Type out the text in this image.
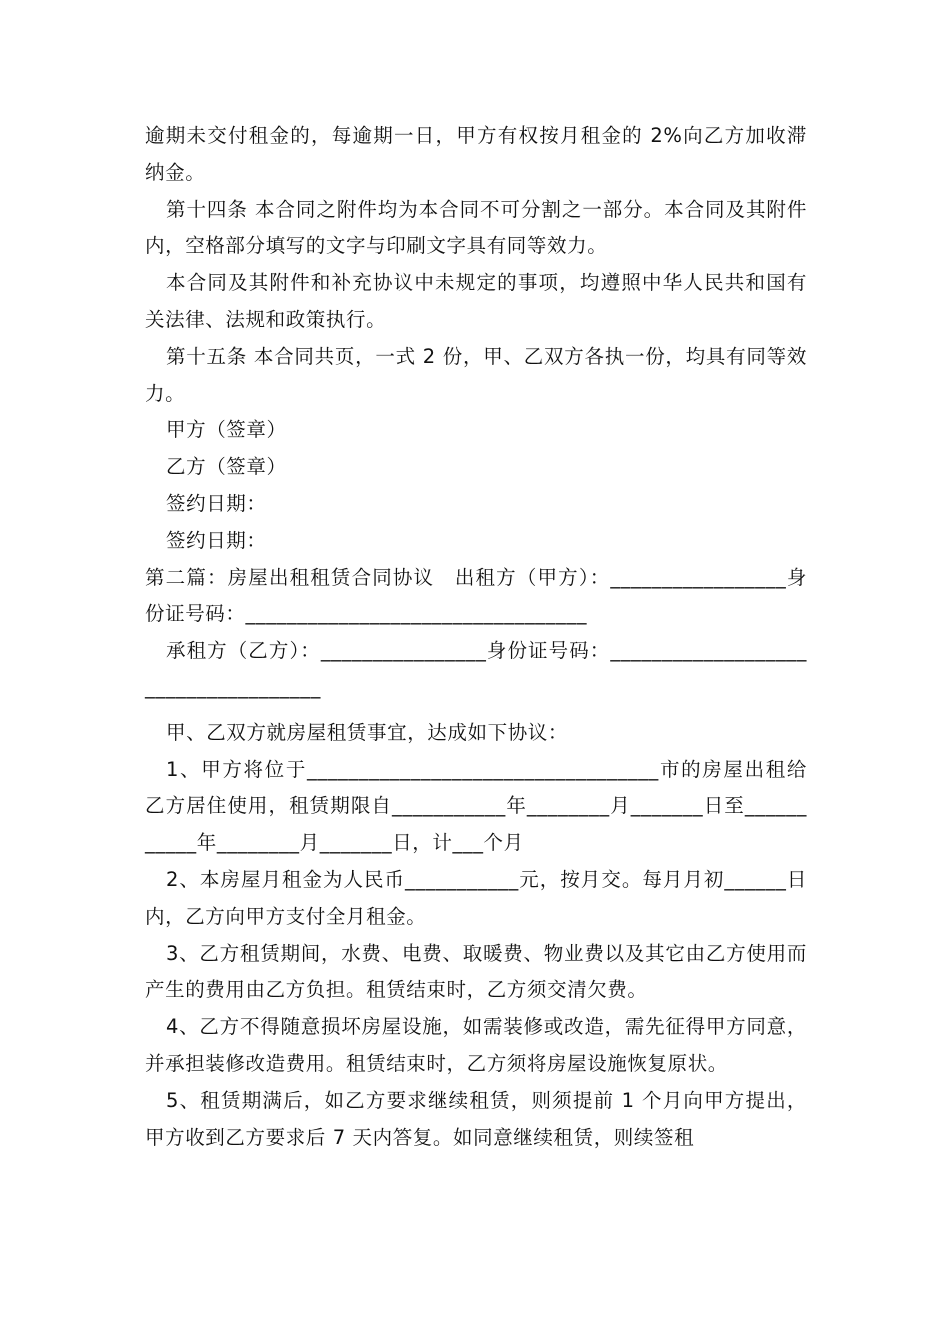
逾期未交付租金的，每逾期一日，甲方有权按月租金的 2%向乙方加收滞纳金。

第十四条 本合同之附件均为本合同不可分割之一部分。本合同及其附件内，空格部分填写的文字与印刷文字具有同等效力。

本合同及其附件和补充协议中未规定的事项，均遵照中华人民共和国有关法律、法规和政策执行。

第十五条 本合同共页，一式 2 份，甲、乙双方各执一份，均具有同等效力。

甲方（签章）

乙方（签章）

签约日期：

签约日期：

第二篇：房屋出租租赁合同协议　出租方（甲方）：_________________身份证号码：_________________________________

承租方（乙方）：________________身份证号码：____________________________________

甲、乙双方就房屋租赁事宜，达成如下协议：

1、甲方将位于__________________________________市的房屋出租给乙方居住使用，租赁期限自___________年________月_______日至___________年________月_______日，计___个月

2、本房屋月租金为人民币___________元，按月交。每月月初______日内，乙方向甲方支付全月租金。

3、乙方租赁期间，水费、电费、取暖费、物业费以及其它由乙方使用而产生的费用由乙方负担。租赁结束时，乙方须交清欠费。

4、乙方不得随意损坏房屋设施，如需装修或改造，需先征得甲方同意，并承担装修改造费用。租赁结束时，乙方须将房屋设施恢复原状。

5、租赁期满后，如乙方要求继续租赁，则须提前 1 个月向甲方提出，甲方收到乙方要求后 7 天内答复。如同意继续租赁，则续签租
